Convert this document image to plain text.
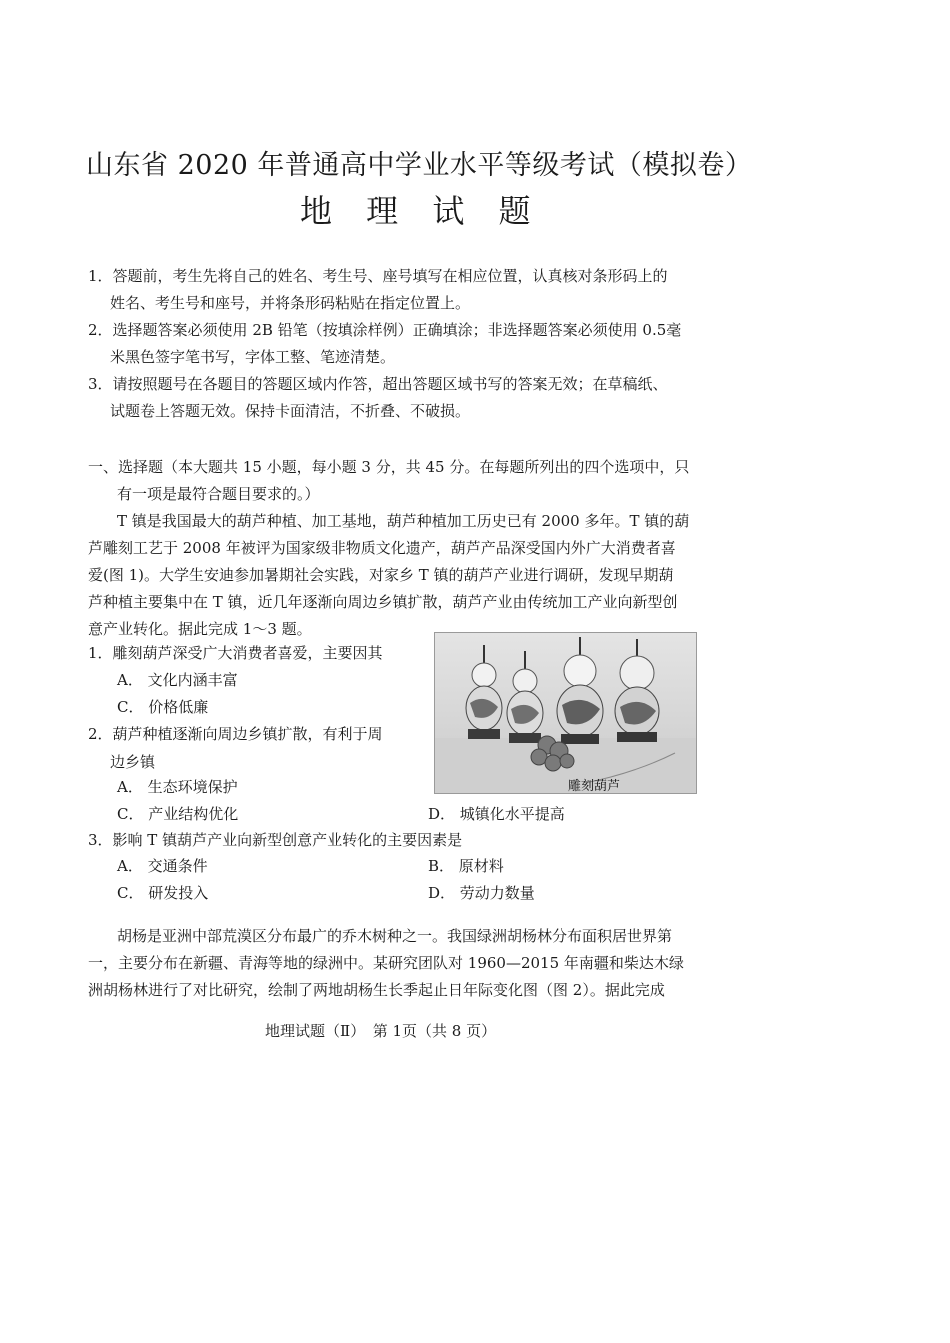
山东省 2020 年普通高中学业水平等级考试（模拟卷）
地 理 试 题
1．答题前，考生先将自己的姓名、考生号、座号填写在相应位置，认真核对条形码上的
姓名、考生号和座号，并将条形码粘贴在指定位置上。
2．选择题答案必须使用 2B 铅笔（按填涂样例）正确填涂；非选择题答案必须使用 0.5毫
米黑色签字笔书写，字体工整、笔迹清楚。
3．请按照题号在各题目的答题区域内作答，超出答题区域书写的答案无效；在草稿纸、
试题卷上答题无效。保持卡面清洁，不折叠、不破损。
一、选择题（本大题共 15 小题，每小题 3 分，共 45 分。在每题所列出的四个选项中，只
有一项是最符合题目要求的。）
T 镇是我国最大的葫芦种植、加工基地，葫芦种植加工历史已有 2000 多年。T 镇的葫
芦雕刻工艺于 2008 年被评为国家级非物质文化遗产，葫芦产品深受国内外广大消费者喜
爱(图 1)。大学生安迪参加暑期社会实践，对家乡 T 镇的葫芦产业进行调研，发现早期葫
芦种植主要集中在 T 镇，近几年逐渐向周边乡镇扩散，葫芦产业由传统加工产业向新型创
意产业转化。据此完成 1～3 题。
1．雕刻葫芦深受广大消费者喜爱，主要因其
A． 文化内涵丰富
C． 价格低廉
2．葫芦种植逐渐向周边乡镇扩散，有利于周
边乡镇
A． 生态环境保护
C． 产业结构优化	D． 城镇化水平提高
3．影响 T 镇葫芦产业向新型创意产业转化的主要因素是
A． 交通条件	B． 原材料
C． 研发投入	D． 劳动力数量
雕刻葫芦
胡杨是亚洲中部荒漠区分布最广的乔木树种之一。我国绿洲胡杨林分布面积居世界第
一，主要分布在新疆、青海等地的绿洲中。某研究团队对 1960—2015 年南疆和柴达木绿
洲胡杨林进行了对比研究，绘制了两地胡杨生长季起止日年际变化图（图 2）。据此完成
地理试题（Ⅱ）　第 1页（共 8 页）
